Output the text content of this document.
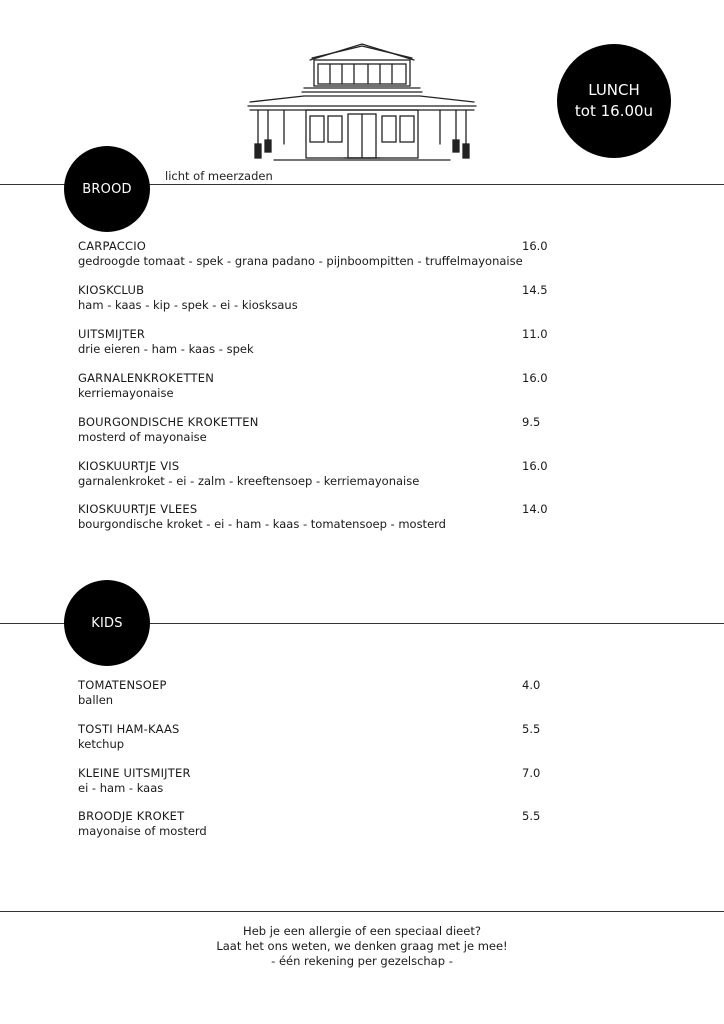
LUNCH
tot 16.00u
BROOD
licht of meerzaden
CARPACCIO
gedroogde tomaat - spek - grana padano - pijnboompitten - truffelmayonaise
16.0
KIOSKCLUB
ham - kaas - kip - spek - ei - kiosksaus
14.5
UITSMIJTER
drie eieren - ham - kaas - spek
11.0
GARNALENKROKETTEN
kerriemayonaise
16.0
BOURGONDISCHE KROKETTEN
mosterd of mayonaise
9.5
KIOSKUURTJE VIS
garnalenkroket - ei - zalm - kreeftensoep - kerriemayonaise
16.0
KIOSKUURTJE VLEES
bourgondische kroket - ei - ham - kaas - tomatensoep - mosterd
14.0
KIDS
TOMATENSOEP
ballen
4.0
TOSTI HAM-KAAS
ketchup
5.5
KLEINE UITSMIJTER
ei - ham - kaas
7.0
BROODJE KROKET
mayonaise of mosterd
5.5
Heb je een allergie of een speciaal dieet?
Laat het ons weten, we denken graag met je mee!
- één rekening per gezelschap -
